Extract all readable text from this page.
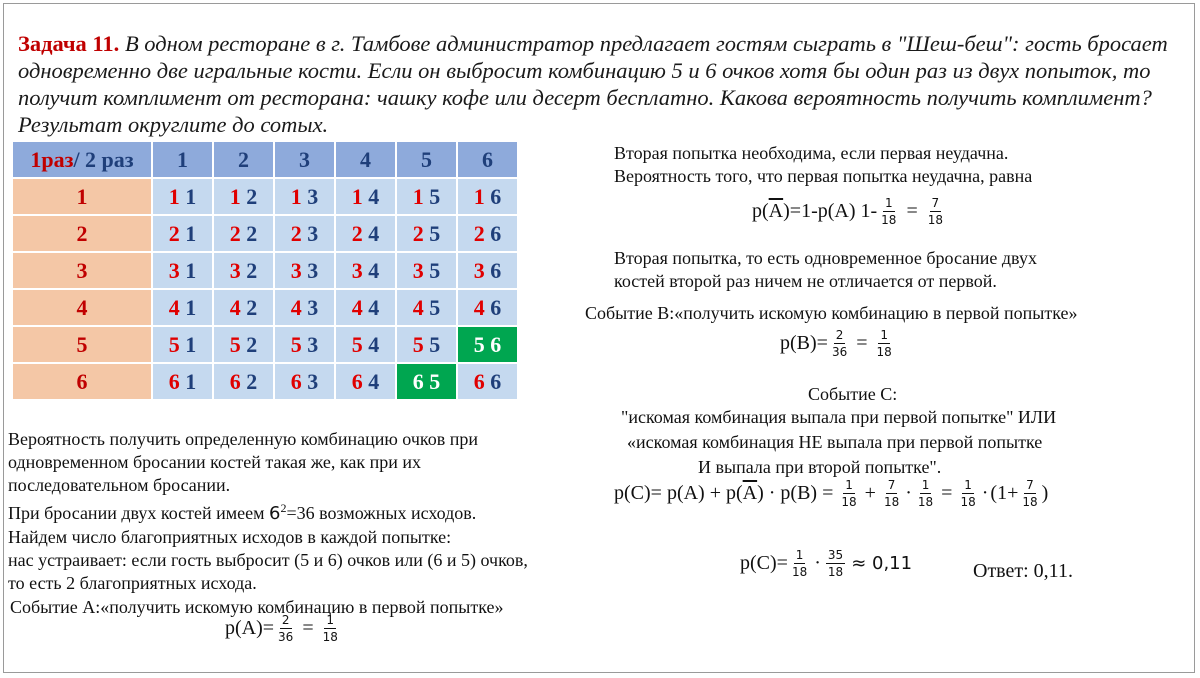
Задача 11. В одном ресторане в г. Тамбове администратор предлагает гостям сыграть в "Шеш-беш": гость бросает одновременно две игральные кости. Если он выбросит комбинацию 5 и 6 очков хотя бы один раз из двух попыток, то получит комплимент от ресторана: чашку кофе или десерт бесплатно. Какова вероятность получить комплимент? Результат округлите до сотых.
1раз/ 2 раз	1	2	3	4	5	6
1	1 1	1 2	1 3	1 4	1 5	1 6
2	2 1	2 2	2 3	2 4	2 5	2 6
3	3 1	3 2	3 3	3 4	3 5	3 6
4	4 1	4 2	4 3	4 4	4 5	4 6
5	5 1	5 2	5 3	5 4	5 5	5 6
6	6 1	6 2	6 3	6 4	6 5	6 6
Вероятность получить определенную комбинацию очков при
одновременном бросании костей такая же, как при их
последовательном бросании.
При бросании двух костей имеем $6^2=36$ возможных исходов.
Найдем число благоприятных исходов в каждой попытке:
нас устраивает: если гость выбросит (5 и 6) очков или (6 и 5) очков,
то есть 2 благоприятных исхода.
Событие А:«получить искомую комбинацию в первой попытке»
$p(А)= \frac{2}{36} = \frac{1}{18}$
Вторая попытка необходима, если первая неудачна.
Вероятность того, что первая попытка неудачна, равна
p( А )=1-p(А) $1- \frac{1}{18} = \frac{7}{18}$
Вторая попытка, то есть одновременное бросание двух
костей второй раз ничем не отличается от первой.
Событие В:«получить искомую комбинацию в первой попытке»
$p(В)= \frac{2}{36} = \frac{1}{18}$
Событие С:
"искомая комбинация выпала при первой попытке" ИЛИ
«искомая комбинация НЕ выпала при первой попытке
И выпала при второй попытке".
p(С)= p(А) + p( А ) · $p(В) = \frac{1}{18} + \frac{7}{18} \cdot \frac{1}{18} = \frac{1}{18} \cdot (1+ \frac{7}{18}$ )
$p(С)= \frac{1}{18} \cdot \frac{35}{18} \approx 0,11$	Ответ: 0,11.
